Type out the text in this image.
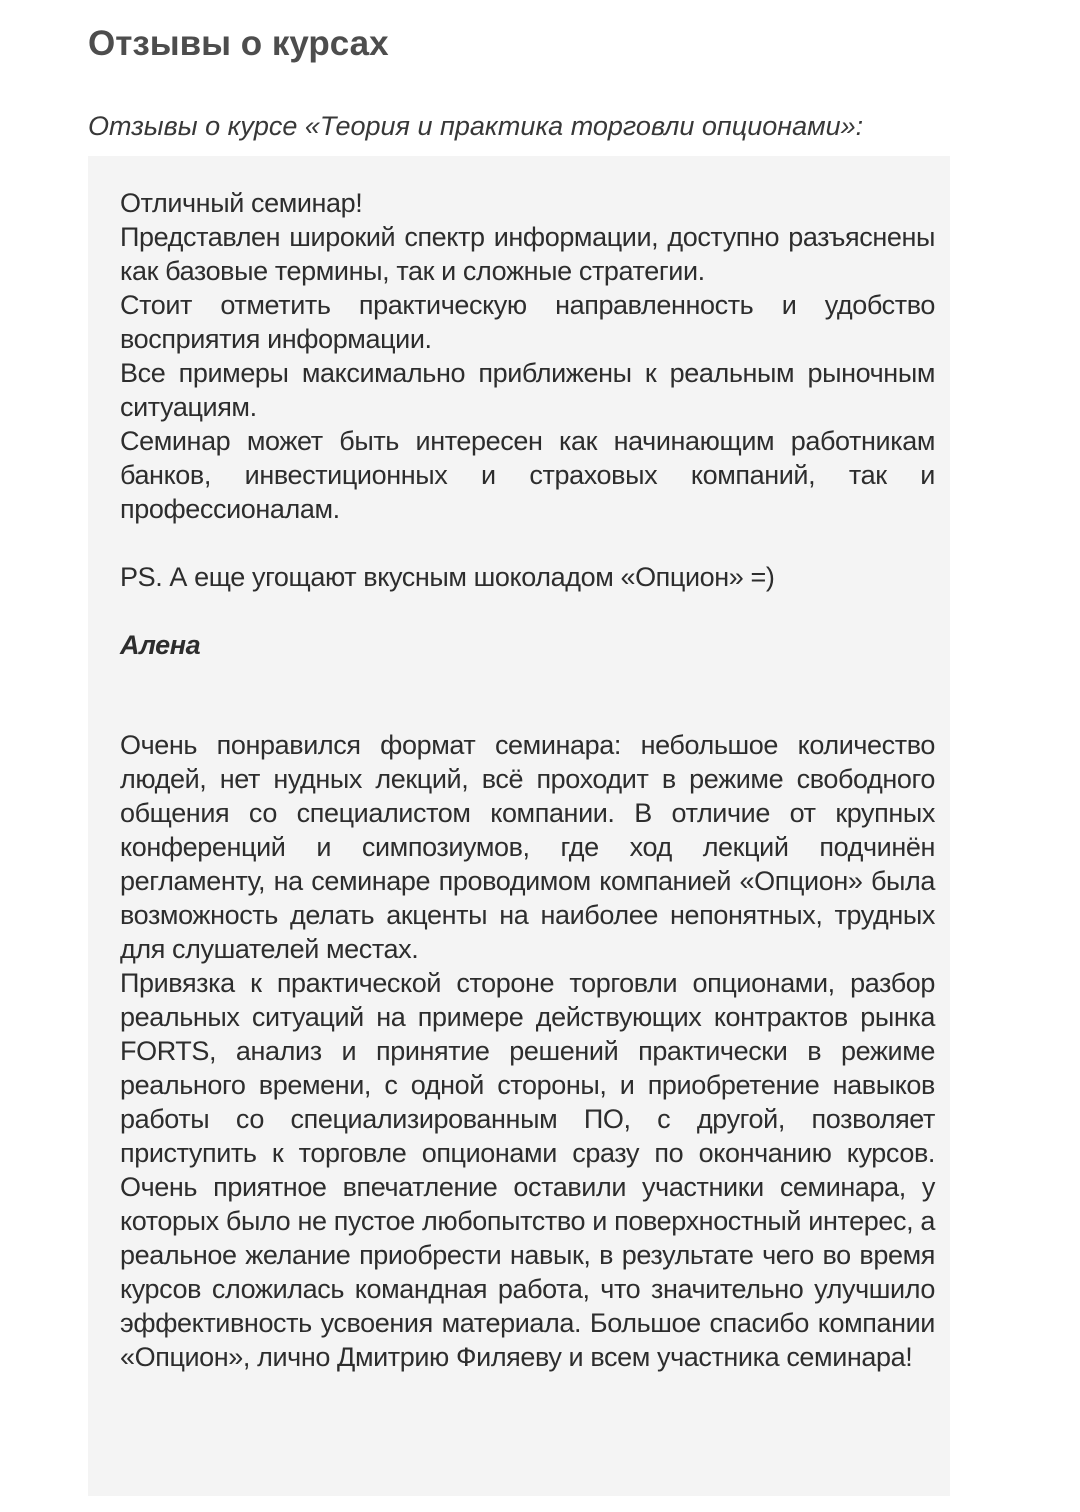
Отзывы о курсах
Отзывы о курсе «Теория и практика торговли опционами»:

Отличный семинар!

Представлен широкий спектр информации, доступно разъяснены как базовые термины, так и сложные стратегии.

Стоит отметить практическую направленность и удобство восприятия информации.

Все примеры максимально приближены к реальным рыночным ситуациям.

Семинар может быть интересен как начинающим работникам банков, инвестиционных и страховых компаний, так и профессионалам.

PS. А еще угощают вкусным шоколадом «Опцион» =)

Алена

Очень понравился формат семинара: небольшое количество людей, нет нудных лекций, всё проходит в режиме свободного общения со специалистом компании. В отличие от крупных конференций и симпозиумов, где ход лекций подчинён регламенту, на семинаре проводимом компанией «Опцион» была возможность делать акценты на наиболее непонятных, трудных для слушателей местах.

Привязка к практической стороне торговли опционами, разбор реальных ситуаций на примере действующих контрактов рынка FORTS, анализ и принятие решений практически в режиме реального времени, с одной стороны, и приобретение навыков работы со специализированным ПО, с другой, позволяет приступить к торговле опционами сразу по окончанию курсов. Очень приятное впечатление оставили участники семинара, у которых было не пустое любопытство и поверхностный интерес, а реальное желание приобрести навык, в результате чего во время курсов сложилась командная работа, что значительно улучшило эффективность усвоения материала. Большое спасибо компании «Опцион», лично Дмитрию Филяеву и всем участника семинара!
